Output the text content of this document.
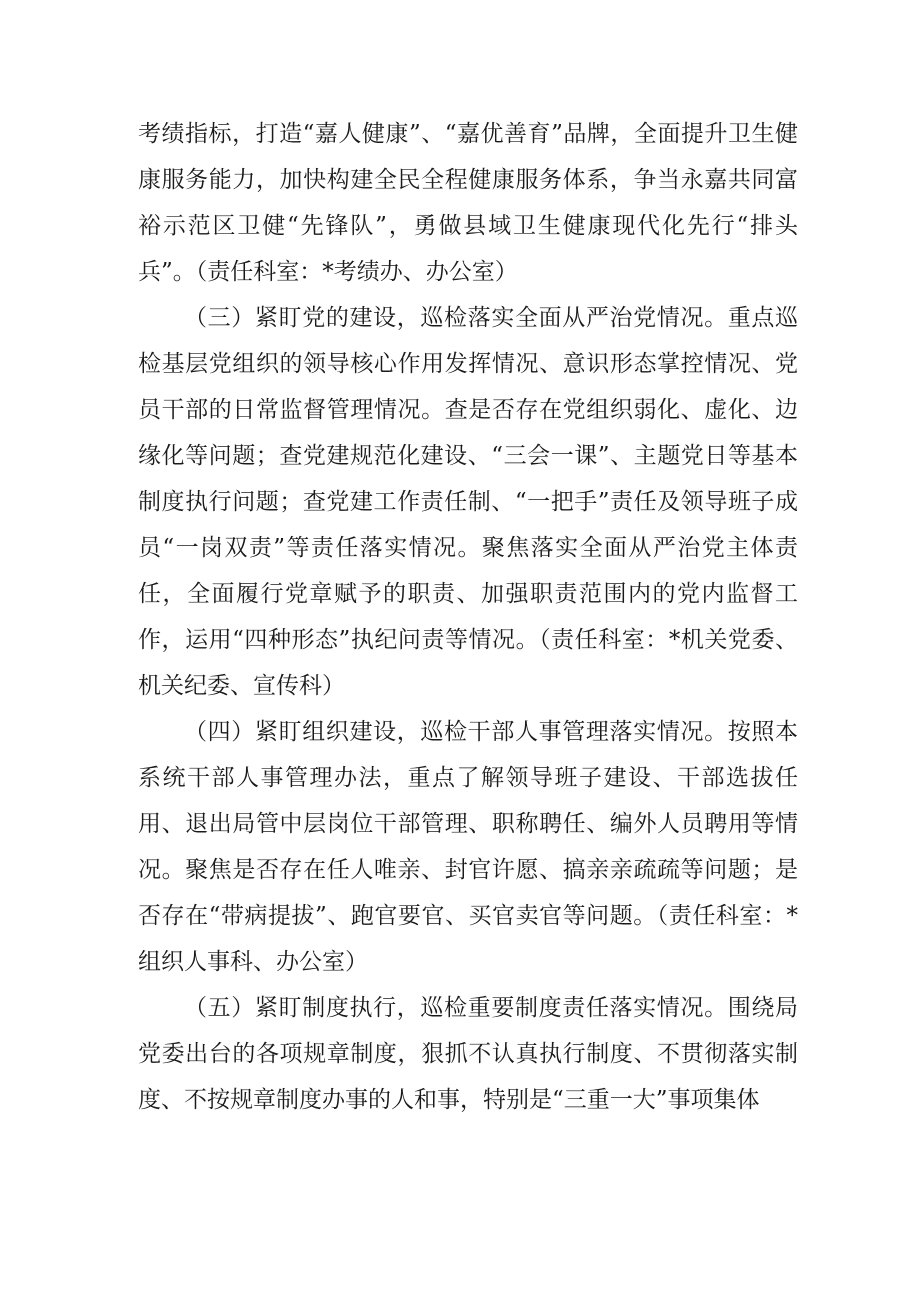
考绩指标，打造“嘉人健康”、“嘉优善育”品牌，全面提升卫生健康服务能力，加快构建全民全程健康服务体系，争当永嘉共同富裕示范区卫健“先锋队”，勇做县域卫生健康现代化先行“排头兵”。（责任科室：*考绩办、办公室）

（三）紧盯党的建设，巡检落实全面从严治党情况。重点巡检基层党组织的领导核心作用发挥情况、意识形态掌控情况、党员干部的日常监督管理情况。查是否存在党组织弱化、虚化、边缘化等问题；查党建规范化建设、“三会一课”、主题党日等基本制度执行问题；查党建工作责任制、“一把手”责任及领导班子成员“一岗双责”等责任落实情况。聚焦落实全面从严治党主体责任，全面履行党章赋予的职责、加强职责范围内的党内监督工作，运用“四种形态”执纪问责等情况。（责任科室：*机关党委、机关纪委、宣传科）

（四）紧盯组织建设，巡检干部人事管理落实情况。按照本系统干部人事管理办法，重点了解领导班子建设、干部选拔任用、退出局管中层岗位干部管理、职称聘任、编外人员聘用等情况。聚焦是否存在任人唯亲、封官许愿、搞亲亲疏疏等问题；是否存在“带病提拔”、跑官要官、买官卖官等问题。（责任科室：*组织人事科、办公室）

（五）紧盯制度执行，巡检重要制度责任落实情况。围绕局党委出台的各项规章制度，狠抓不认真执行制度、不贯彻落实制度、不按规章制度办事的人和事，特别是“三重一大”事项集体
